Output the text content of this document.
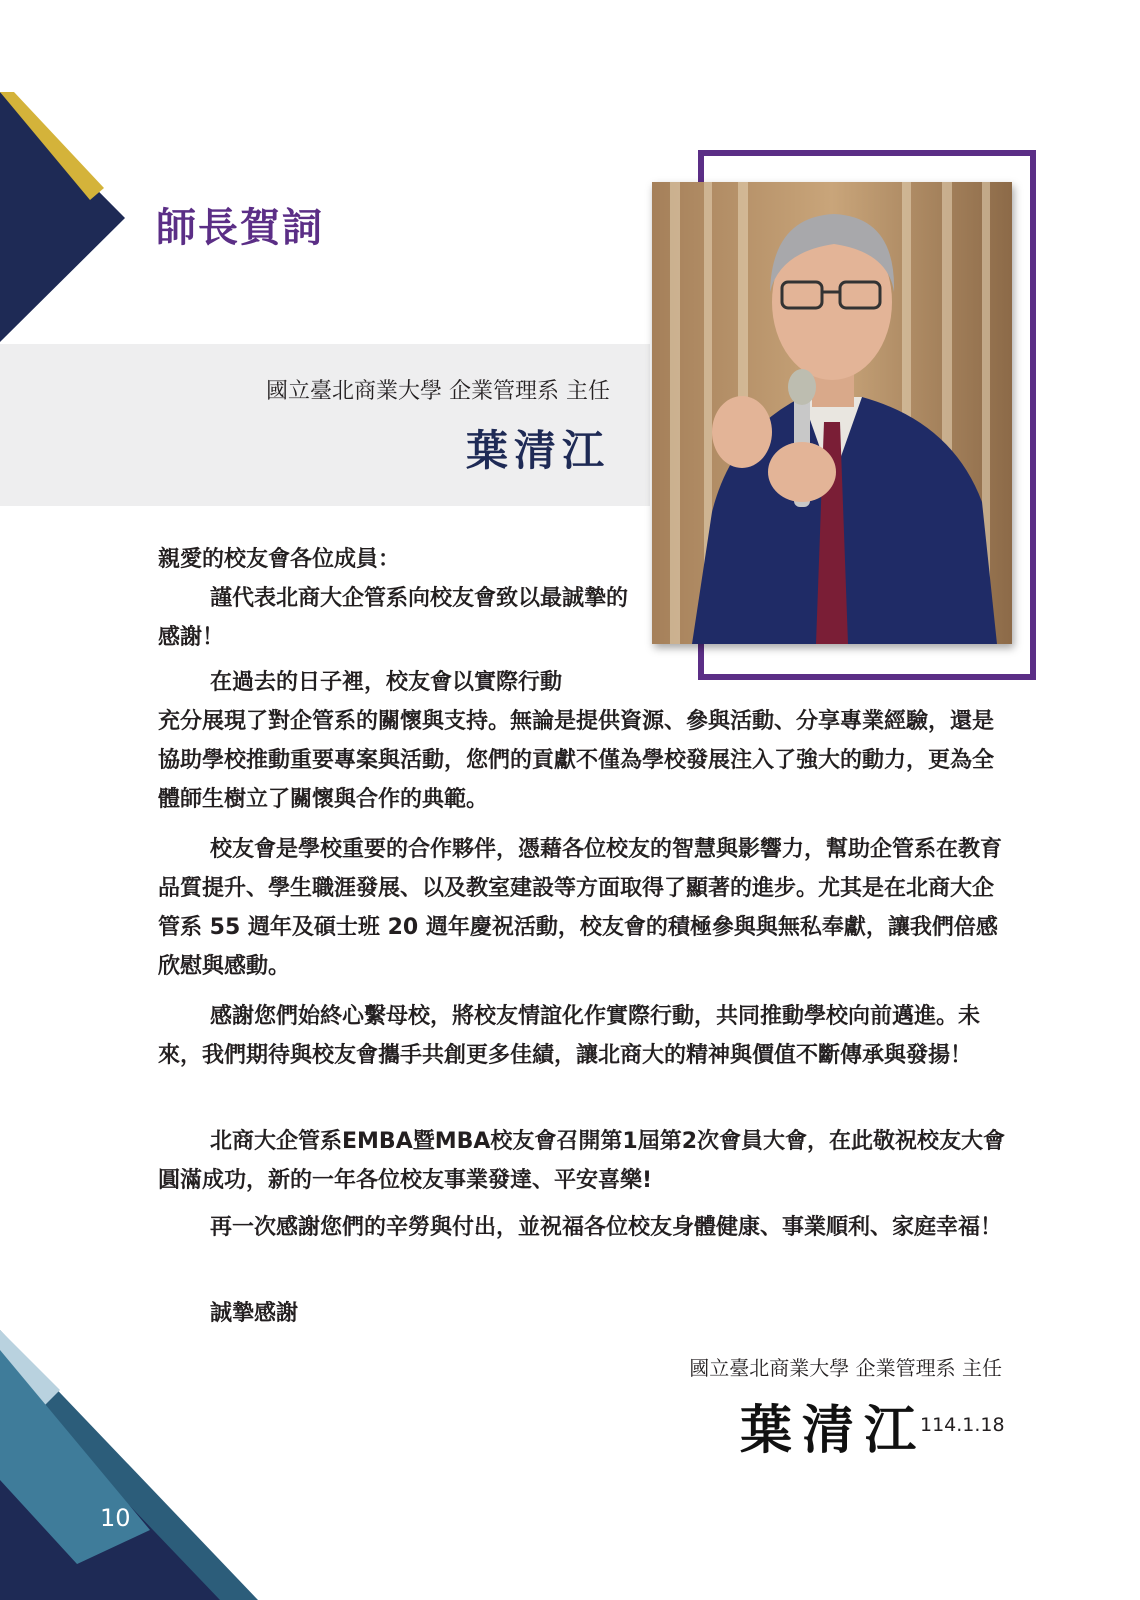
師長賀詞
國立臺北商業大學 企業管理系 主任
葉清江
親愛的校友會各位成員：
謹代表北商大企管系向校友會致以最誠摯的感謝！
在過去的日子裡，校友會以實際行動
充分展現了對企管系的關懷與支持。無論是提供資源、參與活動、分享專業經驗，還是協助學校推動重要專案與活動，您們的貢獻不僅為學校發展注入了強大的動力，更為全體師生樹立了關懷與合作的典範。
校友會是學校重要的合作夥伴，憑藉各位校友的智慧與影響力，幫助企管系在教育品質提升、學生職涯發展、以及教室建設等方面取得了顯著的進步。尤其是在北商大企管系 55 週年及碩士班 20 週年慶祝活動，校友會的積極參與與無私奉獻，讓我們倍感欣慰與感動。
感謝您們始終心繫母校，將校友情誼化作實際行動，共同推動學校向前邁進。未來，我們期待與校友會攜手共創更多佳績，讓北商大的精神與價值不斷傳承與發揚！
北商大企管系EMBA暨MBA校友會召開第1屆第2次會員大會，在此敬祝校友大會圓滿成功，新的一年各位校友事業發達、平安喜樂!
再一次感謝您們的辛勞與付出，並祝福各位校友身體健康、事業順利、家庭幸福！
誠摯感謝
國立臺北商業大學 企業管理系 主任
葉清江
114.1.18
10
